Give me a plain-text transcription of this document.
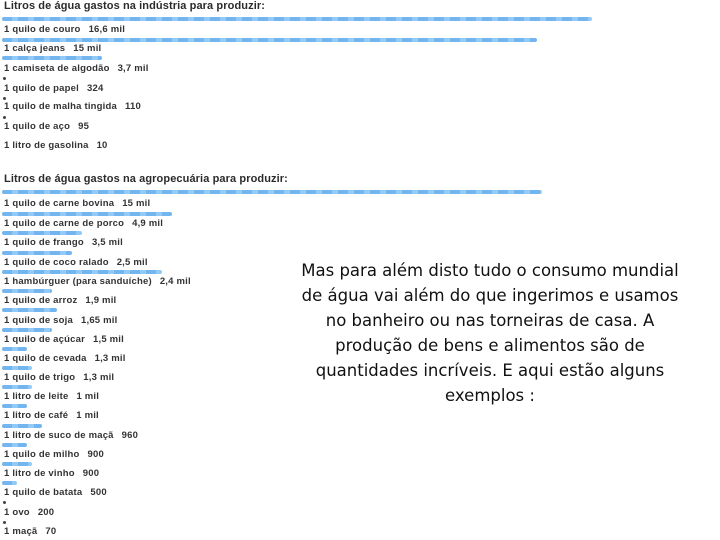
Litros de água gastos na indústria para produzir:
1 quilo de couro 16,6 mil
1 calça jeans 15 mil
1 camiseta de algodão 3,7 mil
1 quilo de papel 324
1 quilo de malha tingida 110
1 quilo de aço 95
1 litro de gasolina 10
Litros de água gastos na agropecuária para produzir:
1 quilo de carne bovina 15 mil
1 quilo de carne de porco 4,9 mil
1 quilo de frango 3,5 mil
1 quilo de coco ralado 2,5 mil
1 hambúrguer (para sanduíche) 2,4 mil
1 quilo de arroz 1,9 mil
1 quilo de soja 1,65 mil
1 quilo de açúcar 1,5 mil
1 quilo de cevada 1,3 mil
1 quilo de trigo 1,3 mil
1 litro de leite 1 mil
1 litro de café 1 mil
1 litro de suco de maçã 960
1 quilo de milho 900
1 litro de vinho 900
1 quilo de batata 500
1 ovo 200
1 maçã 70
Mas para além disto tudo o consumo mundial de água vai além do que ingerimos e usamos no banheiro ou nas torneiras de casa. A produção de bens e alimentos são de quantidades incríveis. E aqui estão alguns exemplos :
